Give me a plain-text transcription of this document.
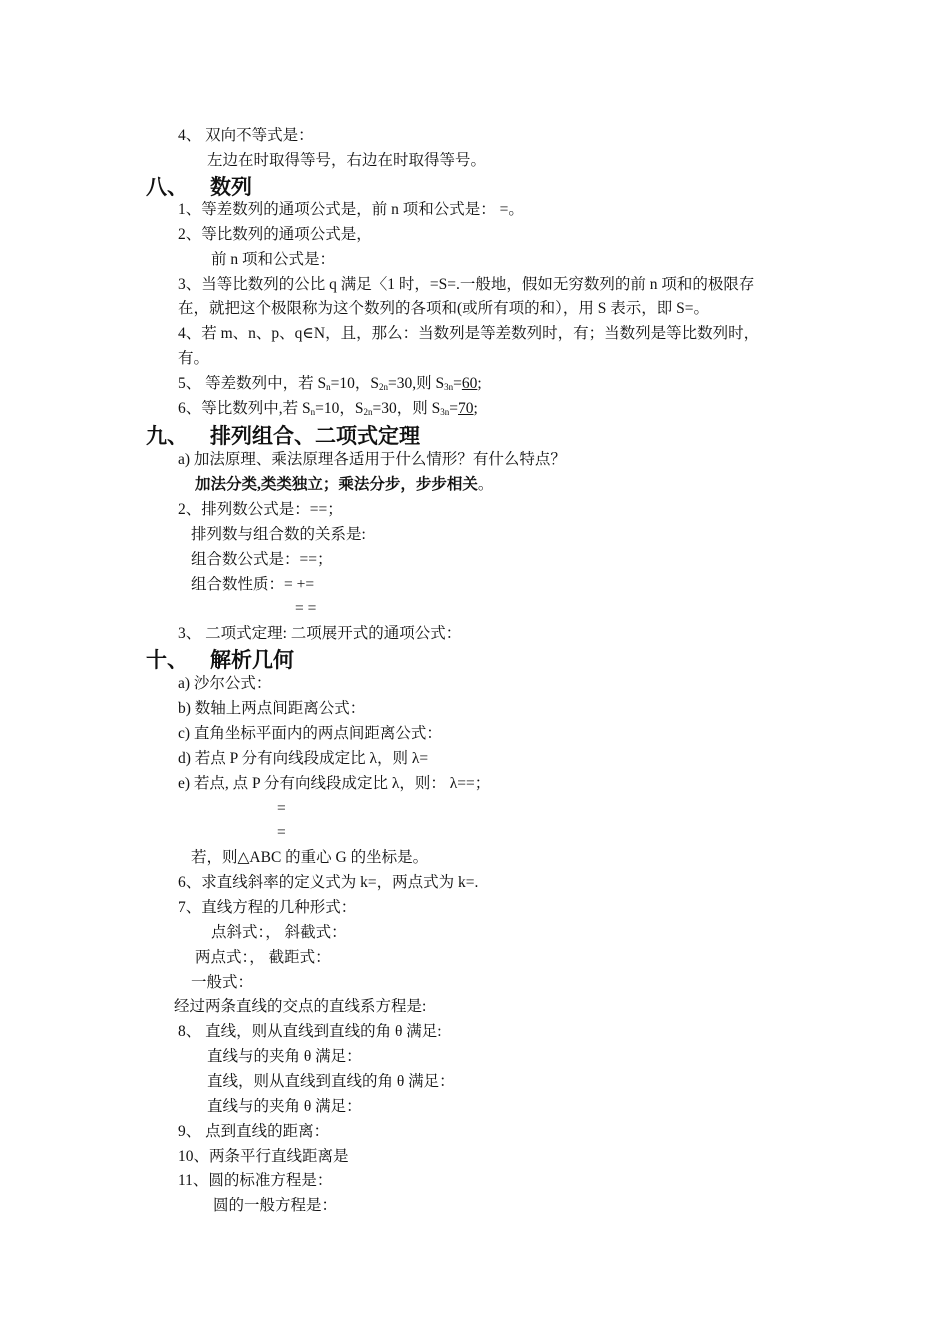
4、 双向不等式是：
左边在时取得等号，右边在时取得等号。
八、 数列
1、等差数列的通项公式是，前 n 项和公式是： =。
2、等比数列的通项公式是，
前 n 项和公式是：
3、当等比数列的公比 q 满足〈1 时，=S=.一般地，假如无穷数列的前 n 项和的极限存
在，就把这个极限称为这个数列的各项和(或所有项的和），用 S 表示，即 S=。
4、若 m、n、p、q∈N，且，那么：当数列是等差数列时，有；当数列是等比数列时，
有。
5、 等差数列中，若 $S_n=10$，$S_{2n}=30$,则 $S_{3n}=60$;
6、等比数列中,若 $S_n=10$，$S_{2n}=30$，则 $S_{3n}=70$;
九、 排列组合、二项式定理
a) 加法原理、乘法原理各适用于什么情形？有什么特点？
加法分类,类类独立；乘法分步，步步相关。
2、排列数公式是：==；
排列数与组合数的关系是:
组合数公式是：==；
组合数性质：= +=
= =
3、 二项式定理: 二项展开式的通项公式：
十、 解析几何
a) 沙尔公式：
b) 数轴上两点间距离公式：
c) 直角坐标平面内的两点间距离公式：
d) 若点 P 分有向线段成定比 λ，则 λ=
e) 若点, 点 P 分有向线段成定比 λ，则： λ==；
=
=
若，则△ABC 的重心 G 的坐标是。
6、求直线斜率的定义式为 k=，两点式为 k=.
7、直线方程的几种形式：
点斜式：， 斜截式：
两点式：， 截距式：
一般式：
经过两条直线的交点的直线系方程是:
8、 直线，则从直线到直线的角 θ 满足:
直线与的夹角 θ 满足：
直线，则从直线到直线的角 θ 满足：
直线与的夹角 θ 满足：
9、 点到直线的距离：
10、两条平行直线距离是
11、圆的标准方程是：
圆的一般方程是：
